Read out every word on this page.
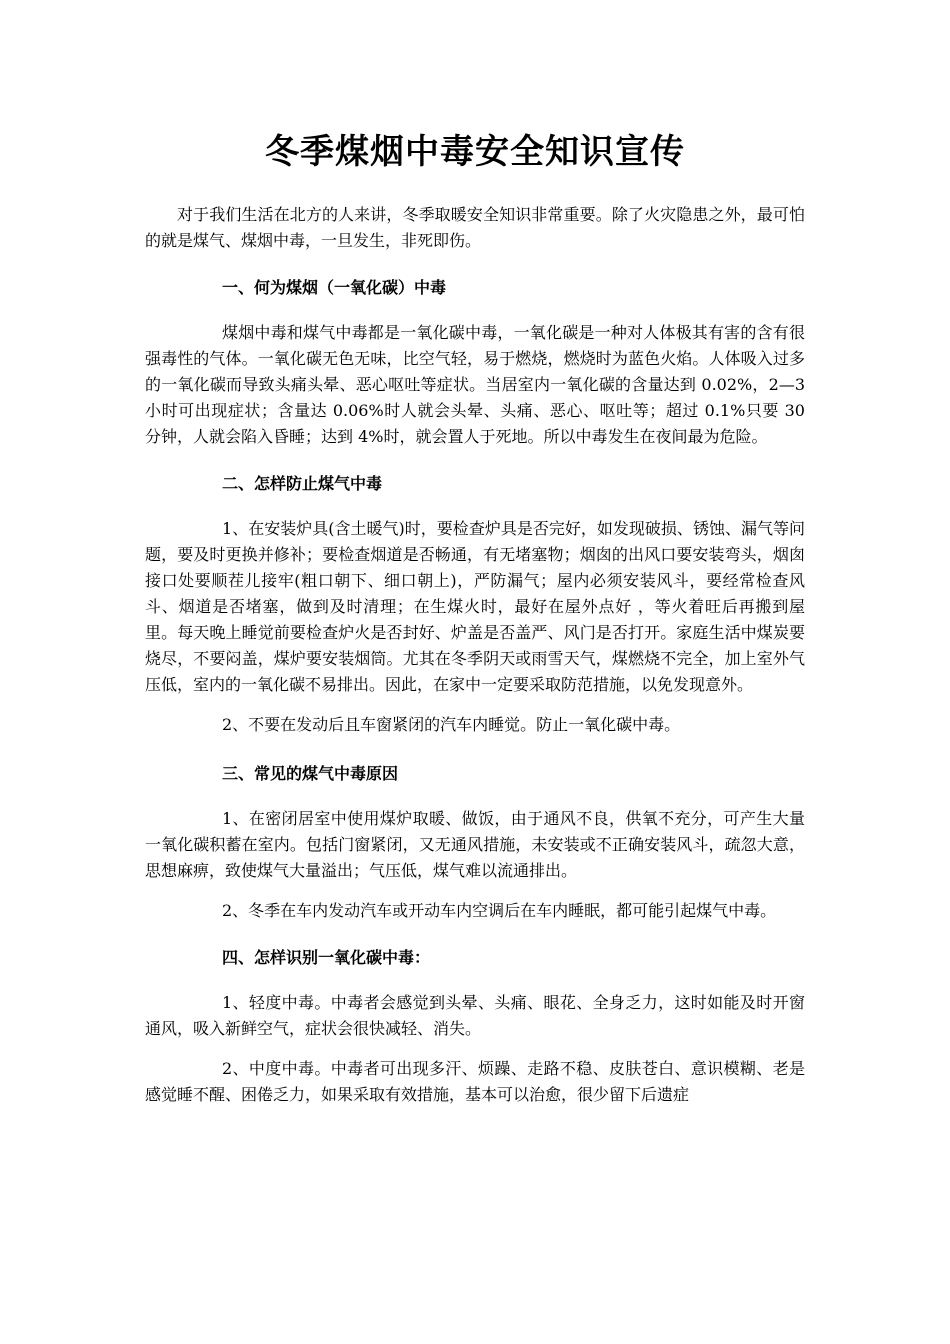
冬季煤烟中毒安全知识宣传

对于我们生活在北方的人来讲，冬季取暖安全知识非常重要。除了火灾隐患之外，最可怕的就是煤气、煤烟中毒，一旦发生，非死即伤。

一、何为煤烟（一氧化碳）中毒

煤烟中毒和煤气中毒都是一氧化碳中毒，一氧化碳是一种对人体极其有害的含有很强毒性的气体。一氧化碳无色无味，比空气轻，易于燃烧，燃烧时为蓝色火焰。人体吸入过多的一氧化碳而导致头痛头晕、恶心呕吐等症状。当居室内一氧化碳的含量达到 0.02%，2—3 小时可出现症状；含量达 0.06%时人就会头晕、头痛、恶心、呕吐等；超过 0.1%只要 30 分钟，人就会陷入昏睡；达到 4%时，就会置人于死地。所以中毒发生在夜间最为危险。

二、怎样防止煤气中毒

1、在安装炉具(含土暖气)时，要检查炉具是否完好，如发现破损、锈蚀、漏气等问题，要及时更换并修补；要检查烟道是否畅通，有无堵塞物；烟囱的出风口要安装弯头，烟囱接口处要顺茬儿接牢(粗口朝下、细口朝上)，严防漏气；屋内必须安装风斗，要经常检查风斗、烟道是否堵塞，做到及时清理；在生煤火时，最好在屋外点好 ，等火着旺后再搬到屋里。每天晚上睡觉前要检查炉火是否封好、炉盖是否盖严、风门是否打开。家庭生活中煤炭要烧尽，不要闷盖，煤炉要安装烟筒。尤其在冬季阴天或雨雪天气，煤燃烧不完全，加上室外气压低，室内的一氧化碳不易排出。因此，在家中一定要采取防范措施，以免发现意外。

2、不要在发动后且车窗紧闭的汽车内睡觉。防止一氧化碳中毒。

三、常见的煤气中毒原因

1、在密闭居室中使用煤炉取暖、做饭，由于通风不良，供氧不充分，可产生大量一氧化碳积蓄在室内。包括门窗紧闭，又无通风措施，未安装或不正确安装风斗，疏忽大意，思想麻痹，致使煤气大量溢出；气压低，煤气难以流通排出。

2、冬季在车内发动汽车或开动车内空调后在车内睡眠，都可能引起煤气中毒。

四、怎样识别一氧化碳中毒：

1、轻度中毒。中毒者会感觉到头晕、头痛、眼花、全身乏力，这时如能及时开窗通风，吸入新鲜空气，症状会很快减轻、消失。

2、中度中毒。中毒者可出现多汗、烦躁、走路不稳、皮肤苍白、意识模糊、老是感觉睡不醒、困倦乏力，如果采取有效措施，基本可以治愈，很少留下后遗症
